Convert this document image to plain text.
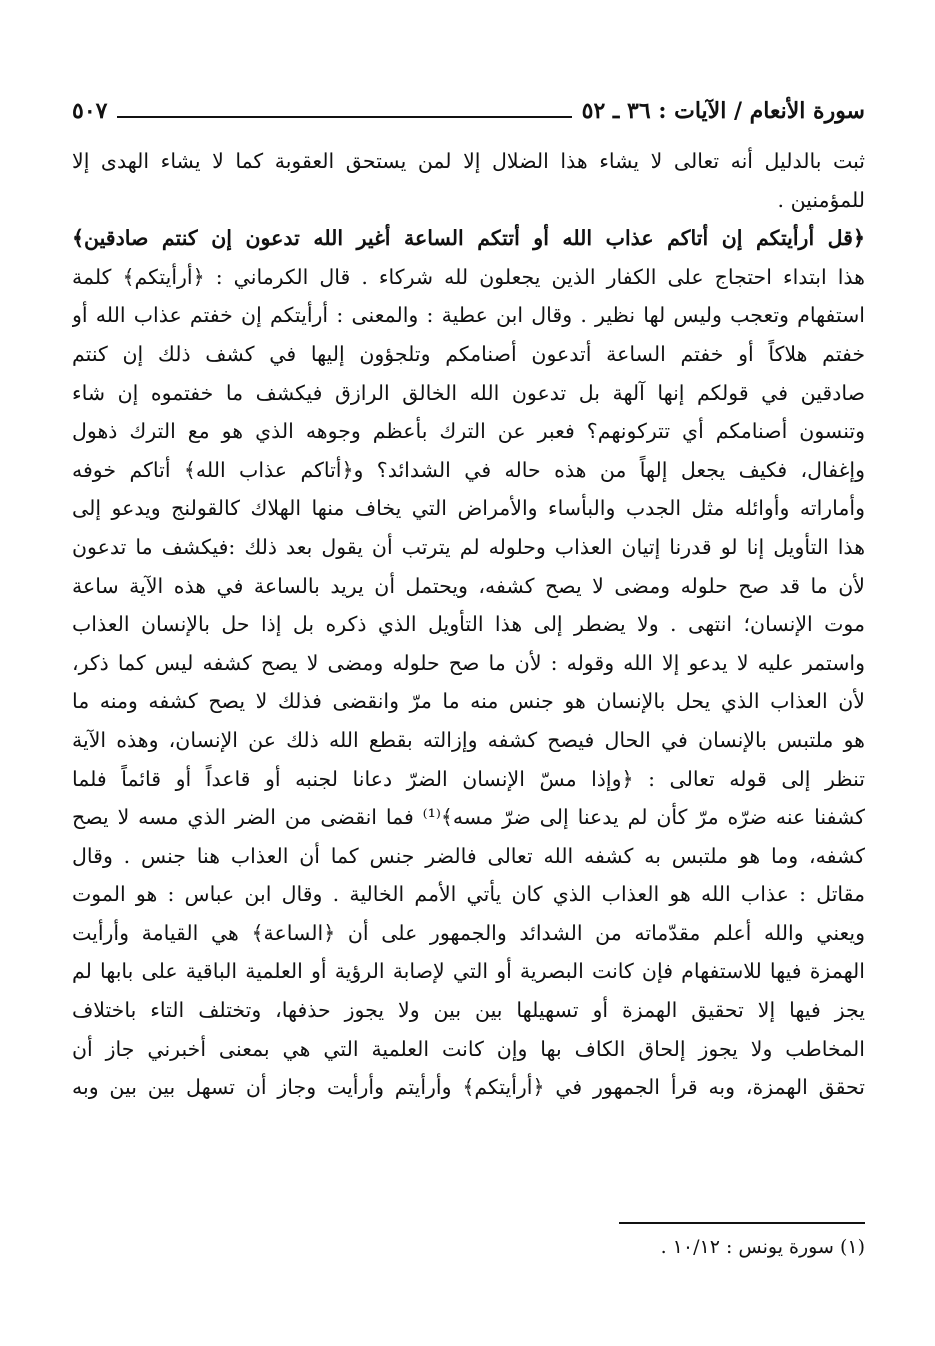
سورة الأنعام / الآيات : ٣٦ ـ ٥٢
٥٠٧
ثبت بالدليل أنه تعالى لا يشاء هذا الضلال إلا لمن يستحق العقوبة كما لا يشاء الهدى إلا
للمؤمنين .
﴿قل أرأيتكم إن أتاكم عذاب الله أو أتتكم الساعة أغير الله تدعون إن كنتم صادقين﴾
هذا ابتداء احتجاج على الكفار الذين يجعلون لله شركاء . قال الكرماني : ﴿أرأيتكم﴾ كلمة
استفهام وتعجب وليس لها نظير . وقال ابن عطية : والمعنى : أرأيتكم إن خفتم عذاب الله أو
خفتم هلاكاً أو خفتم الساعة أتدعون أصنامكم وتلجؤون إليها في كشف ذلك إن كنتم
صادقين في قولكم إنها آلهة بل تدعون الله الخالق الرازق فيكشف ما خفتموه إن شاء
وتنسون أصنامكم أي تتركونهم؟ فعبر عن الترك بأعظم وجوهه الذي هو مع الترك ذهول
وإغفال، فكيف يجعل إلهاً من هذه حاله في الشدائد؟ و﴿أتاكم عذاب الله﴾ أتاكم خوفه
وأماراته وأوائله مثل الجدب والبأساء والأمراض التي يخاف منها الهلاك كالقولنج ويدعو إلى
هذا التأويل إنا لو قدرنا إتيان العذاب وحلوله لم يترتب أن يقول بعد ذلك :فيكشف ما تدعون
لأن ما قد صح حلوله ومضى لا يصح كشفه، ويحتمل أن يريد بالساعة في هذه الآية ساعة
موت الإنسان؛ انتهى . ولا يضطر إلى هذا التأويل الذي ذكره بل إذا حل بالإنسان العذاب
واستمر عليه لا يدعو إلا الله وقوله : لأن ما صح حلوله ومضى لا يصح كشفه ليس كما ذكر،
لأن العذاب الذي يحل بالإنسان هو جنس منه ما مرّ وانقضى فذلك لا يصح كشفه ومنه ما
هو ملتبس بالإنسان في الحال فيصح كشفه وإزالته بقطع الله ذلك عن الإنسان، وهذه الآية
تنظر إلى قوله تعالى : ﴿وإذا مسّ الإنسان الضرّ دعانا لجنبه أو قاعداً أو قائماً فلما
كشفنا عنه ضرّه مرّ كأن لم يدعنا إلى ضرّ مسه﴾⁽¹⁾ فما انقضى من الضر الذي مسه لا يصح
كشفه، وما هو ملتبس به كشفه الله تعالى فالضر جنس كما أن العذاب هنا جنس . وقال
مقاتل : عذاب الله هو العذاب الذي كان يأتي الأمم الخالية . وقال ابن عباس : هو الموت
ويعني والله أعلم مقدّماته من الشدائد والجمهور على أن ﴿الساعة﴾ هي القيامة وأرأيت
الهمزة فيها للاستفهام فإن كانت البصرية أو التي لإصابة الرؤية أو العلمية الباقية على بابها لم
يجز فيها إلا تحقيق الهمزة أو تسهيلها بين بين ولا يجوز حذفها، وتختلف التاء باختلاف
المخاطب ولا يجوز إلحاق الكاف بها وإن كانت العلمية التي هي بمعنى أخبرني جاز أن
تحقق الهمزة، وبه قرأ الجمهور في ﴿أرأيتكم﴾ وأرأيتم وأرأيت وجاز أن تسهل بين بين وبه
(١) سورة يونس : ١٠/١٢ .
